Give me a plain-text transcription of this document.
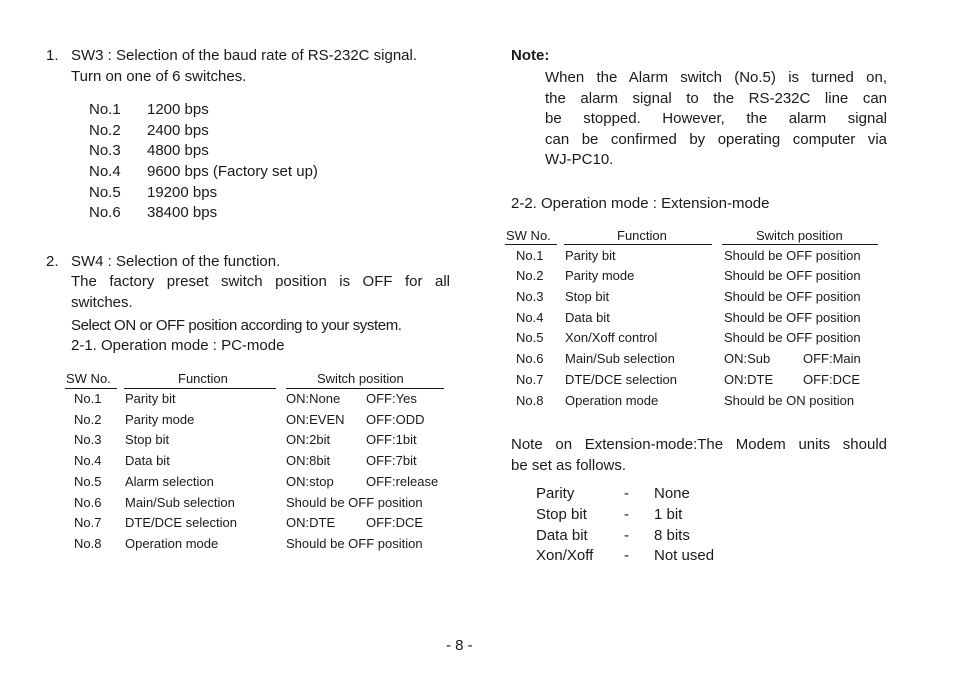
1. SW3 : Selection of the baud rate of RS-232C signal.
Turn on one of 6 switches.
No.1 1200 bps
No.2 2400 bps
No.3 4800 bps
No.4 9600 bps (Factory set up)
No.5 19200 bps
No.6 38400 bps
2. SW4 : Selection of the function.
The factory preset switch position is OFF for all
switches.
Select ON or OFF position according to your system.
2-1. Operation mode : PC-mode
SW No.	Function	Switch position
No.1 Parity bit	ON:None OFF:Yes
No.2 Parity mode	ON:EVEN OFF:ODD
No.3 Stop bit	ON:2bit	OFF:1bit
No.4 Data bit	ON:8bit	OFF:7bit
No.5 Alarm selection	ON:stop OFF:release
No.6 Main/Sub selection	Should be OFF position
No.7 DTE/DCE selection	ON:DTE OFF:DCE
No.8 Operation mode	Should be OFF position
Note:
When the Alarm switch (No.5) is turned on,
the alarm signal to the RS-232C line can
be stopped. However, the alarm signal
can be confirmed by operating computer via
WJ-PC10.
2-2. Operation mode : Extension-mode
SW No.	Function	Switch position
No.1 Parity bit	Should be OFF position
No.2 Parity mode	Should be OFF position
No.3 Stop bit	Should be OFF position
No.4 Data bit	Should be OFF position
No.5 Xon/Xoff control	Should be OFF position
No.6 Main/Sub selection	ON:Sub	OFF:Main
No.7 DTE/DCE selection	ON:DTE OFF:DCE
No.8 Operation mode	Should be ON position
Note on Extension-mode:The Modem units should
be set as follows.
Parity	- None
Stop bit - 1 bit
Data bit - 8 bits
Xon/Xoff - Not used
- 8 -
